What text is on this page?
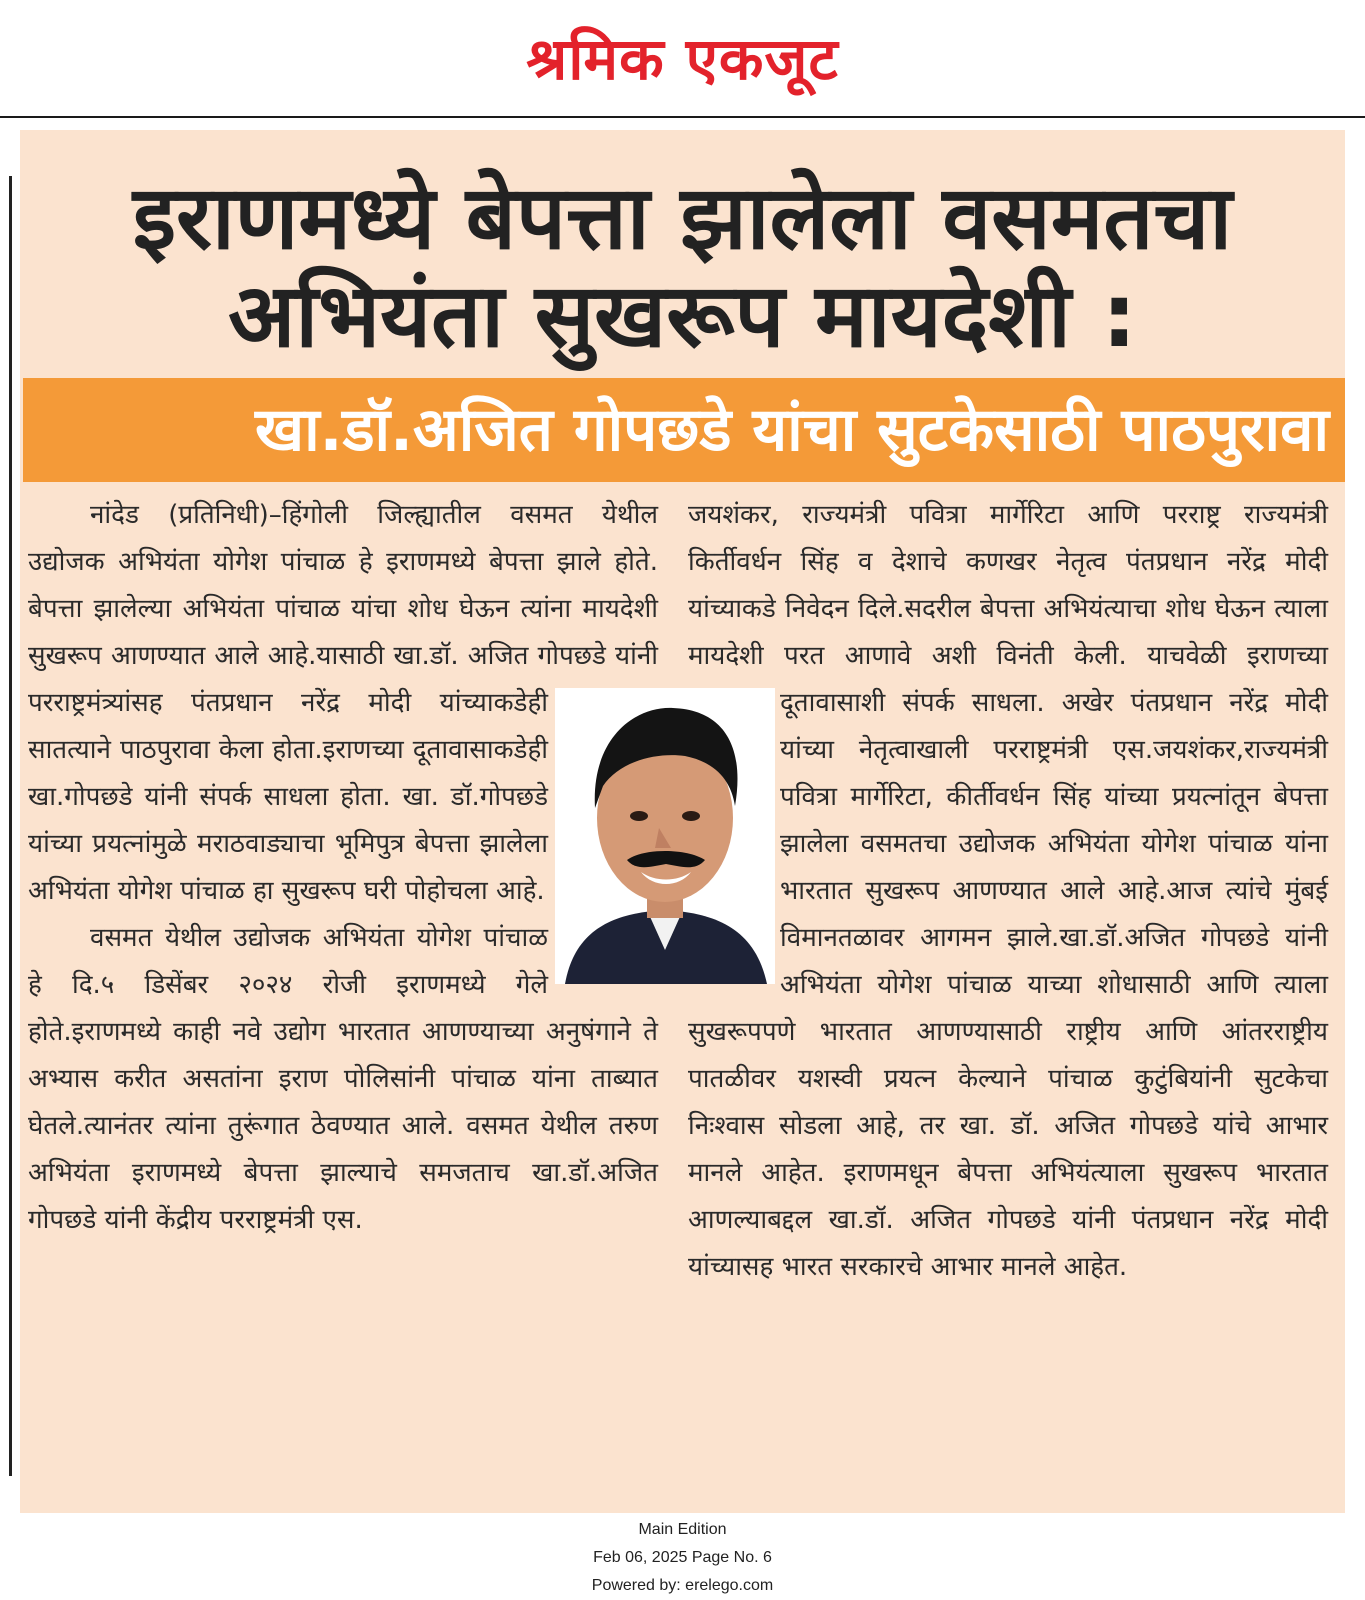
श्रमिक एकजूट
इराणमध्ये बेपत्ता झालेला वसमतचा
अभियंता सुखरूप मायदेशी :
खा.डॉ.अजित गोपछडे यांचा सुटकेसाठी पाठपुरावा

नांदेड (प्रतिनिधी)–हिंगोली जिल्ह्यातील वसमत येथील उद्योजक अभियंता योगेश पांचाळ हे इराणमध्ये बेपत्ता झाले होते. बेपत्ता झालेल्या अभियंता पांचाळ यांचा शोध घेऊन त्यांना मायदेशी सुखरूप आणण्यात आले आहे.यासाठी खा.डॉ. अजित गोपछडे यांनी परराष्ट्रमंत्र्यांसह पंतप्रधान नरेंद्र मोदी यांच्याकडेही सातत्याने पाठपुरावा केला होता.इराणच्या दूतावासाकडेही खा.गोपछडे यांनी संपर्क साधला होता. खा. डॉ.गोपछडे यांच्या प्रयत्नांमुळे मराठवाड्याचा भूमिपुत्र बेपत्ता झालेला अभियंता योगेश पांचाळ हा सुखरूप घरी पोहोचला आहे.

वसमत येथील उद्योजक अभियंता योगेश पांचाळ हे दि.५ डिसेंबर २०२४ रोजी इराणमध्ये गेले होते.इराणमध्ये काही नवे उद्योग भारतात आणण्याच्या अनुषंगाने ते अभ्यास करीत असतांना इराण पोलिसांनी पांचाळ यांना ताब्यात घेतले.त्यानंतर त्यांना तुरूंगात ठेवण्यात आले. वसमत येथील तरुण अभियंता इराणमध्ये बेपत्ता झाल्याचे समजताच खा.डॉ.अजित गोपछडे यांनी केंद्रीय परराष्ट्रमंत्री एस.

जयशंकर, राज्यमंत्री पवित्रा मार्गेरिटा आणि परराष्ट्र राज्यमंत्री किर्तीवर्धन सिंह व देशाचे कणखर नेतृत्व पंतप्रधान नरेंद्र मोदी यांच्याकडे निवेदन दिले.सदरील बेपत्ता अभियंत्याचा शोध घेऊन त्याला मायदेशी परत आणावे अशी विनंती केली. याचवेळी इराणच्या दूतावासाशी संपर्क साधला. अखेर पंतप्रधान नरेंद्र मोदी यांच्या नेतृत्वाखाली परराष्ट्रमंत्री एस.जयशंकर,राज्यमंत्री पवित्रा मार्गेरिटा, कीर्तीवर्धन सिंह यांच्या प्रयत्नांतून बेपत्ता झालेला वसमतचा उद्योजक अभियंता योगेश पांचाळ यांना भारतात सुखरूप आणण्यात आले आहे.आज त्यांचे मुंबई विमानतळावर आगमन झाले.खा.डॉ.अजित गोपछडे यांनी अभियंता योगेश पांचाळ याच्या शोधासाठी आणि त्याला सुखरूपपणे भारतात आणण्यासाठी राष्ट्रीय आणि आंतरराष्ट्रीय पातळीवर यशस्वी प्रयत्न केल्याने पांचाळ कुटुंबियांनी सुटकेचा निःश्वास सोडला आहे, तर खा. डॉ. अजित गोपछडे यांचे आभार मानले आहेत. इराणमधून बेपत्ता अभियंत्याला सुखरूप भारतात आणल्याबद्दल खा.डॉ. अजित गोपछडे यांनी पंतप्रधान नरेंद्र मोदी यांच्यासह भारत सरकारचे आभार मानले आहेत.

Main Edition
Feb 06, 2025 Page No. 6
Powered by: erelego.com
